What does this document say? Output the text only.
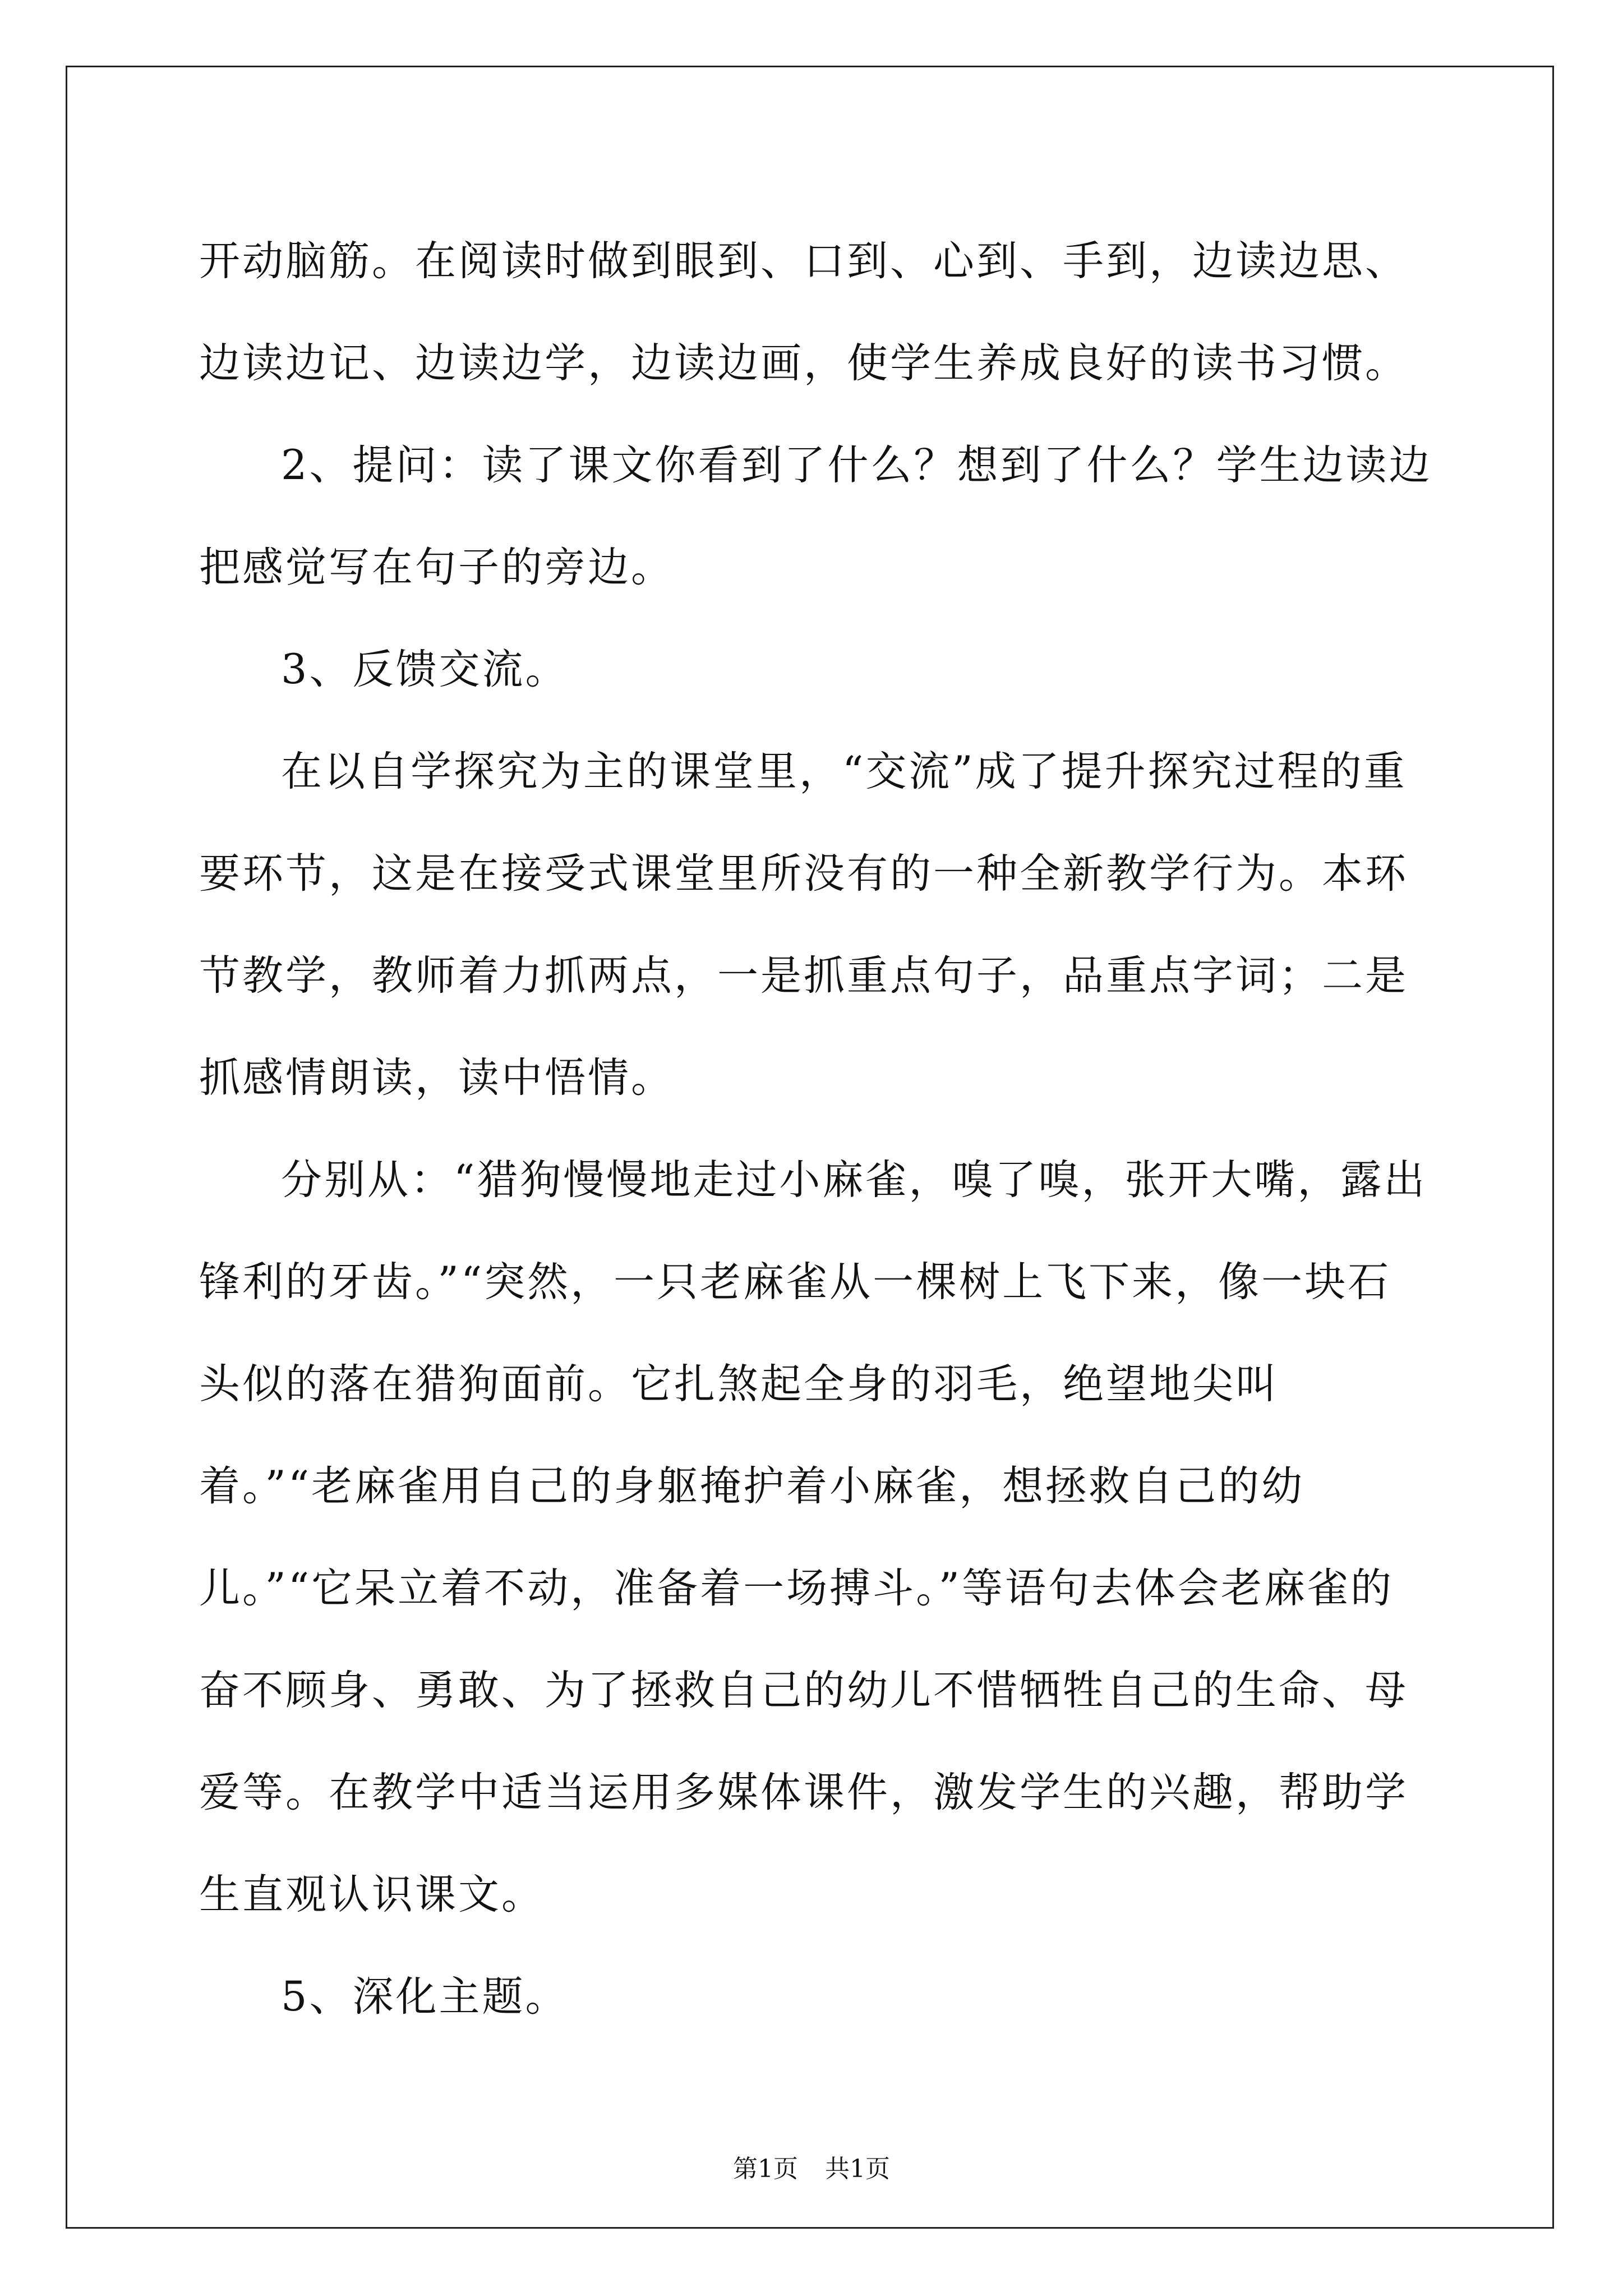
开动脑筋。在阅读时做到眼到、口到、心到、手到，边读边思、边读边记、边读边学，边读边画，使学生养成良好的读书习惯。

2、提问：读了课文你看到了什么？想到了什么？学生边读边把感觉写在句子的旁边。

3、反馈交流。

在以自学探究为主的课堂里，“交流”成了提升探究过程的重要环节，这是在接受式课堂里所没有的一种全新教学行为。本环节教学，教师着力抓两点，一是抓重点句子，品重点字词；二是抓感情朗读，读中悟情。

分别从：“猎狗慢慢地走过小麻雀，嗅了嗅，张开大嘴，露出锋利的牙齿。”“突然，一只老麻雀从一棵树上飞下来，像一块石头似的落在猎狗面前。它扎煞起全身的羽毛，绝望地尖叫着。”“老麻雀用自己的身躯掩护着小麻雀，想拯救自己的幼儿。”“它呆立着不动，准备着一场搏斗。”等语句去体会老麻雀的奋不顾身、勇敢、为了拯救自己的幼儿不惜牺牲自己的生命、母爱等。在教学中适当运用多媒体课件，激发学生的兴趣，帮助学生直观认识课文。

5、深化主题。

第1页 共1页
